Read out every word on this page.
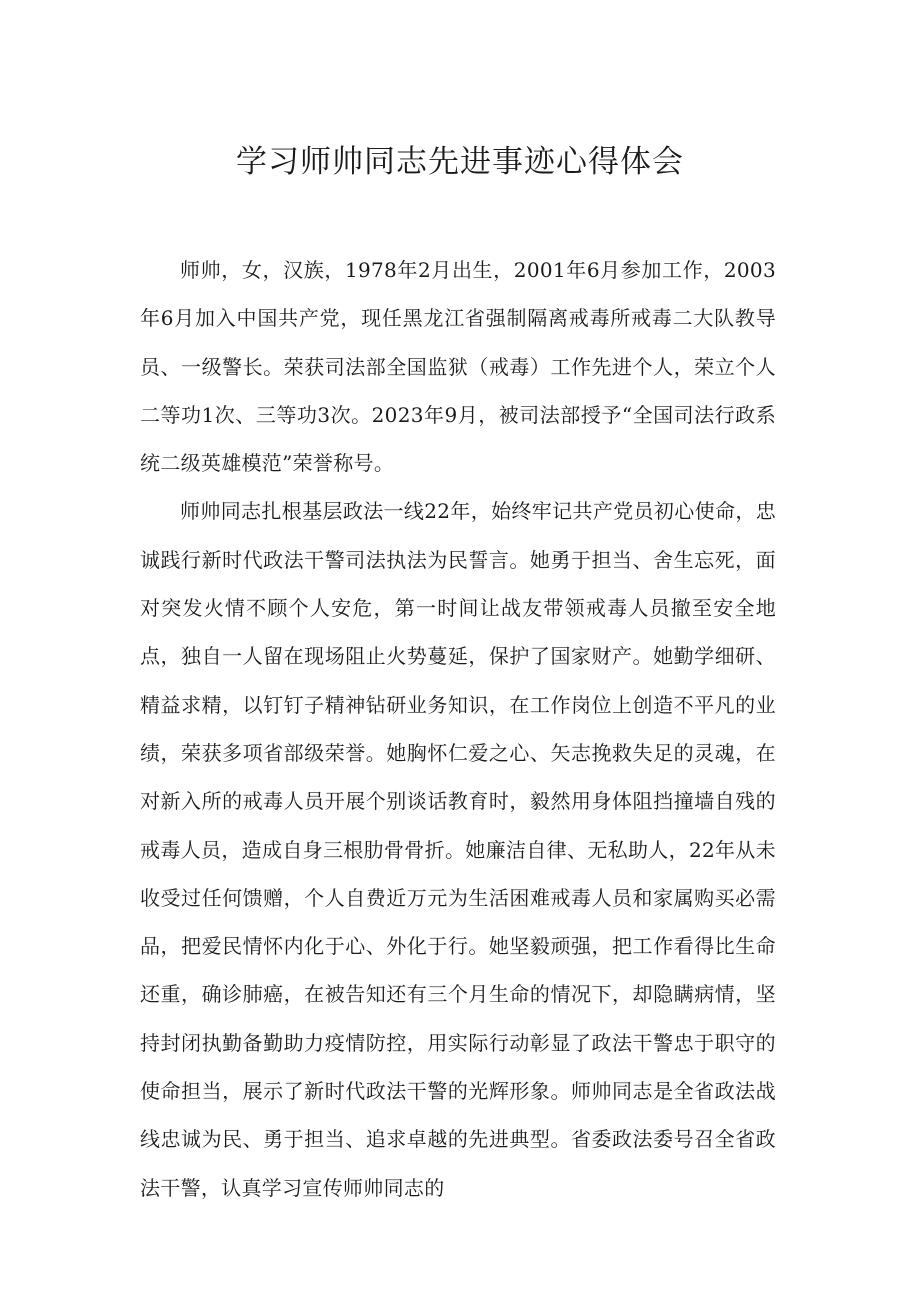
学习师帅同志先进事迹心得体会

师帅，女，汉族，1978年2月出生，2001年6月参加工作，2003年6月加入中国共产党，现任黑龙江省强制隔离戒毒所戒毒二大队教导员、一级警长。荣获司法部全国监狱（戒毒）工作先进个人，荣立个人二等功1次、三等功3次。2023年9月，被司法部授予“全国司法行政系统二级英雄模范”荣誉称号。

师帅同志扎根基层政法一线22年，始终牢记共产党员初心使命，忠诚践行新时代政法干警司法执法为民誓言。她勇于担当、舍生忘死，面对突发火情不顾个人安危，第一时间让战友带领戒毒人员撤至安全地点，独自一人留在现场阻止火势蔓延，保护了国家财产。她勤学细研、精益求精，以钉钉子精神钻研业务知识，在工作岗位上创造不平凡的业绩，荣获多项省部级荣誉。她胸怀仁爱之心、矢志挽救失足的灵魂，在对新入所的戒毒人员开展个别谈话教育时，毅然用身体阻挡撞墙自残的戒毒人员，造成自身三根肋骨骨折。她廉洁自律、无私助人，22年从未收受过任何馈赠，个人自费近万元为生活困难戒毒人员和家属购买必需品，把爱民情怀内化于心、外化于行。她坚毅顽强，把工作看得比生命还重，确诊肺癌，在被告知还有三个月生命的情况下，却隐瞒病情，坚持封闭执勤备勤助力疫情防控，用实际行动彰显了政法干警忠于职守的使命担当，展示了新时代政法干警的光辉形象。师帅同志是全省政法战线忠诚为民、勇于担当、追求卓越的先进典型。省委政法委号召全省政法干警，认真学习宣传师帅同志的
